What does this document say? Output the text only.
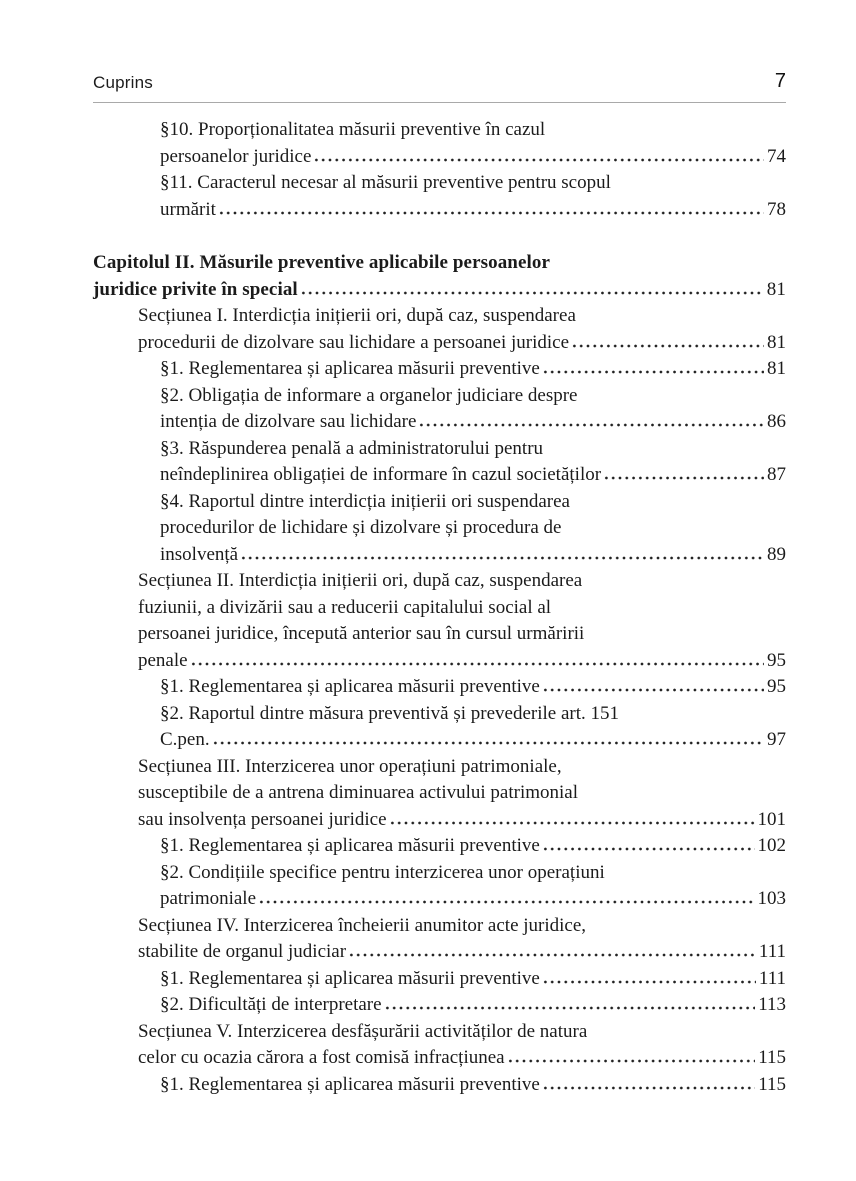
Cuprins	7
§10. Proporționalitatea măsurii preventive în cazul
persoanelor juridice	74
§11. Caracterul necesar al măsurii preventive pentru scopul
urmărit	78
Capitolul II. Măsurile preventive aplicabile persoanelor
juridice privite în special	81
Secțiunea I. Interdicția inițierii ori, după caz, suspendarea
procedurii de dizolvare sau lichidare a persoanei juridice	81
§1. Reglementarea și aplicarea măsurii preventive	81
§2. Obligația de informare a organelor judiciare despre
intenția de dizolvare sau lichidare	86
§3. Răspunderea penală a administratorului pentru
neîndeplinirea obligației de informare în cazul societăților	87
§4. Raportul dintre interdicția inițierii ori suspendarea
procedurilor de lichidare și dizolvare și procedura de
insolvență	89
Secțiunea II. Interdicția inițierii ori, după caz, suspendarea
fuziunii, a divizării sau a reducerii capitalului social al
persoanei juridice, începută anterior sau în cursul urmăririi
penale	95
§1. Reglementarea și aplicarea măsurii preventive	95
§2. Raportul dintre măsura preventivă și prevederile art. 151
C.pen.	97
Secțiunea III. Interzicerea unor operațiuni patrimoniale,
susceptibile de a antrena diminuarea activului patrimonial
sau insolvența persoanei juridice	101
§1. Reglementarea și aplicarea măsurii preventive	102
§2. Condițiile specifice pentru interzicerea unor operațiuni
patrimoniale	103
Secțiunea IV. Interzicerea încheierii anumitor acte juridice,
stabilite de organul judiciar	111
§1. Reglementarea și aplicarea măsurii preventive	111
§2. Dificultăți de interpretare	113
Secțiunea V. Interzicerea desfășurării activităților de natura
celor cu ocazia cărora a fost comisă infracțiunea	115
§1. Reglementarea și aplicarea măsurii preventive	115
